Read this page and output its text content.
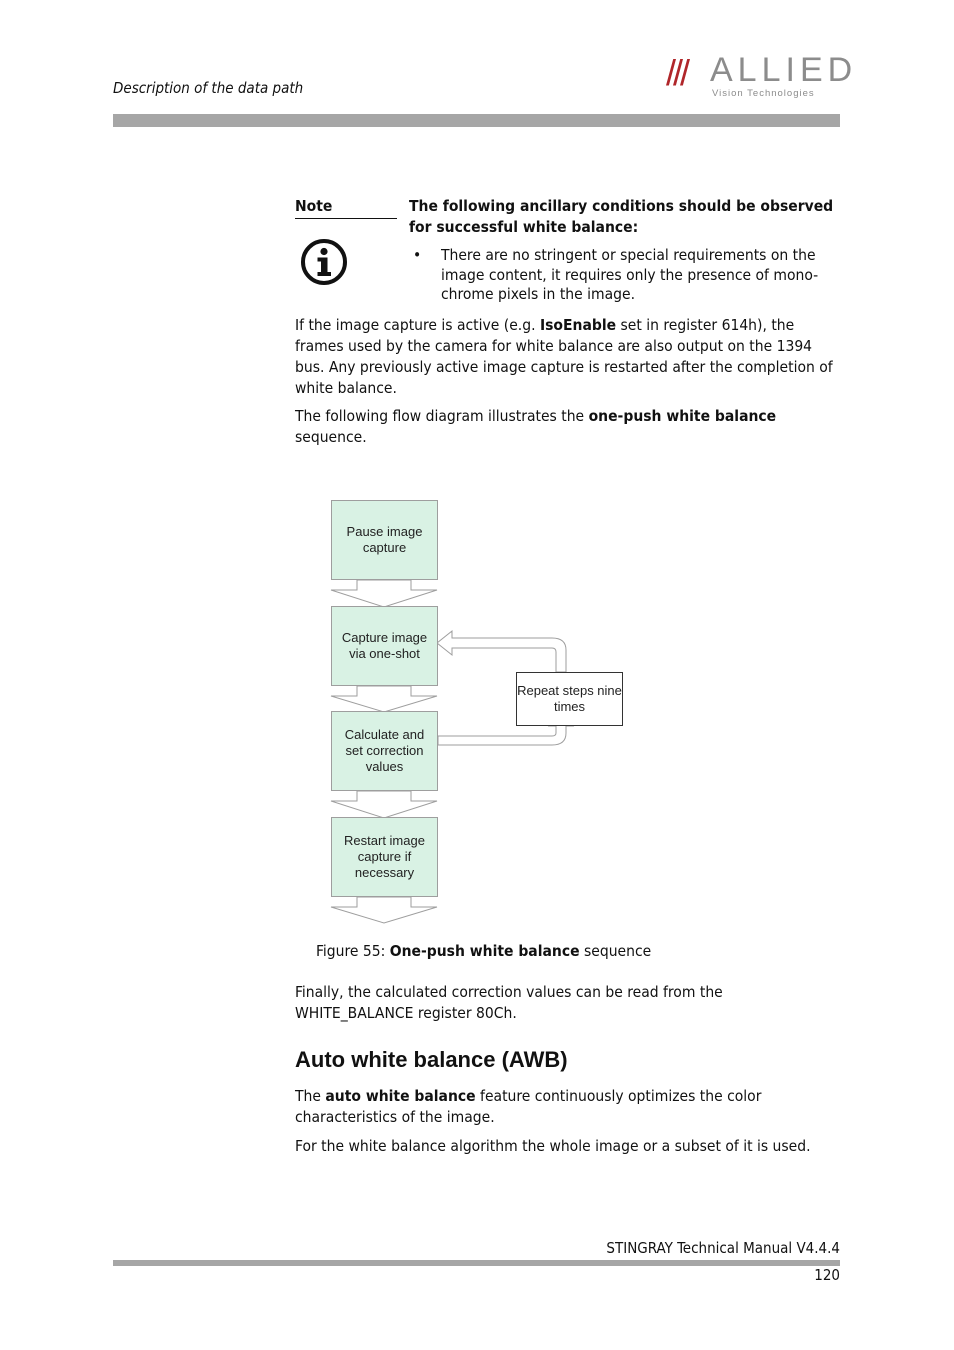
Description of the data path	/// ALLIED
Vision Technologies
Note	The following ancillary conditions should be observed for successful white balance:
• There are no stringent or special requirements on the image content, it requires only the presence of mono-chrome pixels in the image.
If the image capture is active (e.g. IsoEnable set in register 614h), the frames used by the camera for white balance are also output on the 1394 bus. Any previously active image capture is restarted after the completion of white balance.
The following flow diagram illustrates the one-push white balance sequence.
Pause image capture
Capture image via one-shot
Calculate and set correction values
Restart image capture if necessary
Repeat steps nine times
Figure 55: One-push white balance sequence
Finally, the calculated correction values can be read from the WHITE_BALANCE register 80Ch.
Auto white balance (AWB)
The auto white balance feature continuously optimizes the color characteristics of the image.
For the white balance algorithm the whole image or a subset of it is used.
STINGRAY Technical Manual V4.4.4
120
